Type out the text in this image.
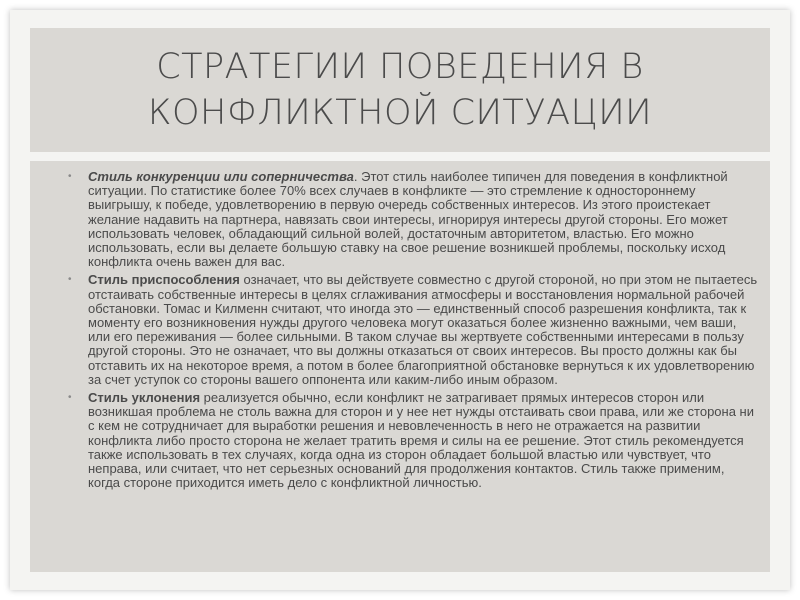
СТРАТЕГИИ ПОВЕДЕНИЯ В
КОНФЛИКТНОЙ СИТУАЦИИ
• Стиль конкуренции или соперничества. Этот стиль наиболее типичен для поведения в конфликтной ситуации. По статистике более 70% всех случаев в конфликте — это стремление к одностороннему выигрышу, к победе, удовлетворению в первую очередь собственных интересов. Из этого проистекает желание надавить на партнера, навязать свои интересы, игнорируя интересы другой стороны. Его может использовать человек, обладающий сильной волей, достаточным авторитетом, властью. Его можно использовать, если вы делаете большую ставку на свое решение возникшей проблемы, поскольку исход конфликта очень важен для вас.
• Стиль приспособления означает, что вы действуете совместно с другой стороной, но при этом не пытаетесь отстаивать собственные интересы в целях сглаживания атмосферы и восстановления нормальной рабочей обстановки. Томас и Килменн считают, что иногда это — единственный способ разрешения конфликта, так к моменту его возникновения нужды другого человека могут оказаться более жизненно важными, чем ваши, или его переживания — более сильными. В таком случае вы жертвуете собственными интересами в пользу другой стороны. Это не означает, что вы должны отказаться от своих интересов. Вы просто должны как бы отставить их на некоторое время, а потом в более благоприятной обстановке вернуться к их удовлетворению за счет уступок со стороны вашего оппонента или каким-либо иным образом.
• Стиль уклонения реализуется обычно, если конфликт не затрагивает прямых интересов сторон или возникшая проблема не столь важна для сторон и у нее нет нужды отстаивать свои права, или же сторона ни с кем не сотрудничает для выработки решения и невовлеченность в него не отражается на развитии конфликта либо просто сторона не желает тратить время и силы на ее решение. Этот стиль рекомендуется также использовать в тех случаях, когда одна из сторон обладает большой властью или чувствует, что неправа, или считает, что нет серьезных оснований для продолжения контактов. Стиль также применим, когда стороне приходится иметь дело с конфликтной личностью.
